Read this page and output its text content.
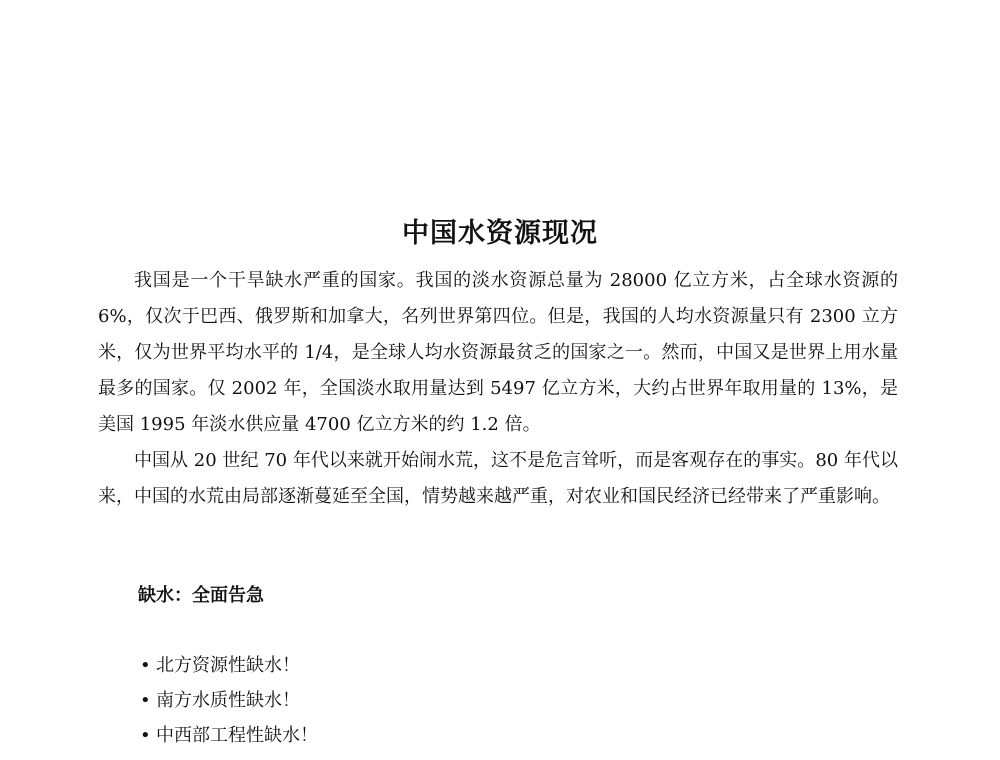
中国水资源现况

我国是一个干旱缺水严重的国家。我国的淡水资源总量为 28000 亿立方米，占全球水资源的 6%，仅次于巴西、俄罗斯和加拿大，名列世界第四位。但是，我国的人均水资源量只有 2300 立方米，仅为世界平均水平的 1/4，是全球人均水资源最贫乏的国家之一。然而，中国又是世界上用水量最多的国家。仅 2002 年，全国淡水取用量达到 5497 亿立方米，大约占世界年取用量的 13%，是美国 1995 年淡水供应量 4700 亿立方米的约 1.2 倍。

中国从 20 世纪 70 年代以来就开始闹水荒，这不是危言耸听，而是客观存在的事实。80 年代以来，中国的水荒由局部逐渐蔓延至全国，情势越来越严重，对农业和国民经济已经带来了严重影响。

缺水：全面告急
• 北方资源性缺水！
• 南方水质性缺水！
• 中西部工程性缺水！
